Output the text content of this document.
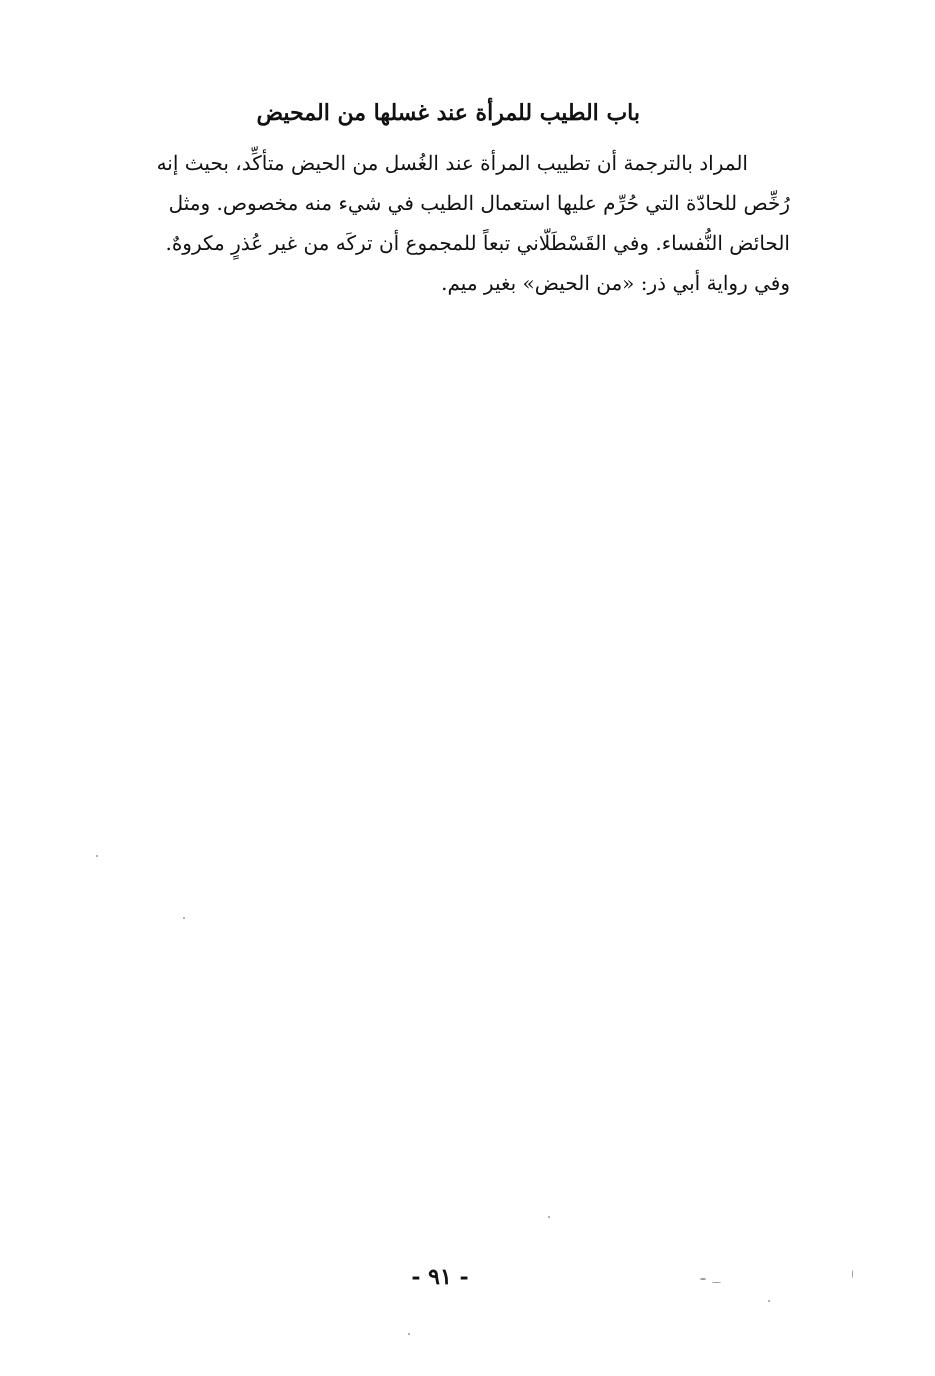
باب الطيب للمرأة عند غسلها من المحيض
المراد بالترجمة أن تطييب المرأة عند الغُسل من الحيض متأكِّد، بحيث إنه
رُخِّص للحادّة التي حُرِّم عليها استعمال الطيب في شيء منه مخصوص. ومثل
الحائض النُّفساء. وفي القَسْطَلّاني تبعاً للمجموع أن تركَه من غير عُذرٍ مكروهٌ.
وفي رواية أبي ذر: «من الحيض» بغير ميم.
- ٩١ -
